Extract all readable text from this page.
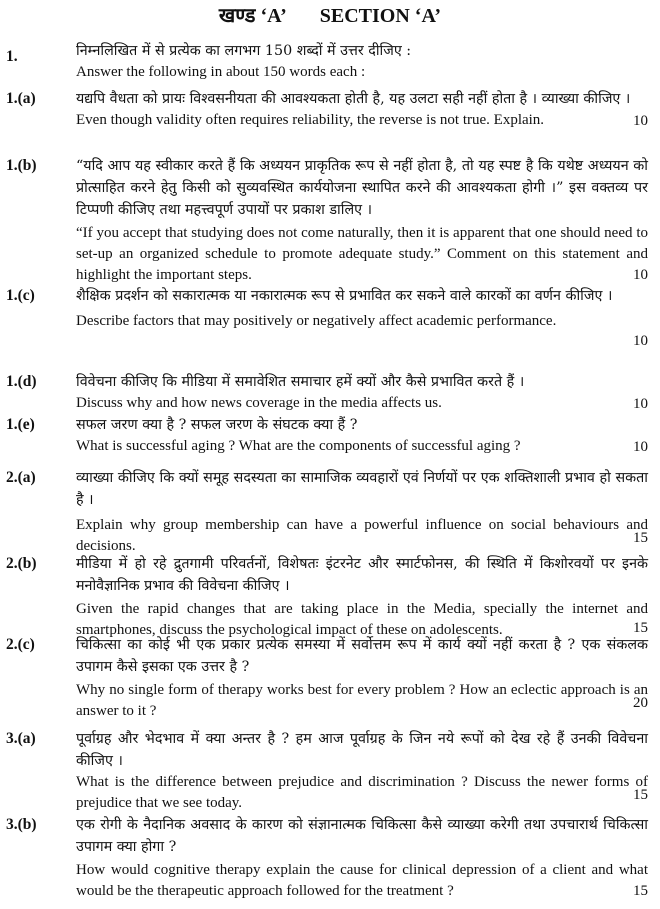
खण्ड ‘A’ SECTION ‘A’
1.	निम्नलिखित में से प्रत्येक का लगभग 150 शब्दों में उत्तर दीजिए :
Answer the following in about 150 words each :
1.(a)	यद्यपि वैधता को प्रायः विश्वसनीयता की आवश्यकता होती है, यह उलटा सही नहीं होता है । व्याख्या कीजिए ।
Even though validity often requires reliability, the reverse is not true. Explain.	10
1.(b)	“यदि आप यह स्वीकार करते हैं कि अध्ययन प्राकृतिक रूप से नहीं होता है, तो यह स्पष्ट है कि यथेष्ट अध्ययन को प्रोत्साहित करने हेतु किसी को सुव्यवस्थित कार्ययोजना स्थापित करने की आवश्यकता होगी ।” इस वक्तव्य पर टिप्पणी कीजिए तथा महत्त्वपूर्ण उपायों पर प्रकाश डालिए ।
“If you accept that studying does not come naturally, then it is apparent that one should need to set-up an organized schedule to promote adequate study.” Comment on this statement and highlight the important steps.	10
1.(c)	शैक्षिक प्रदर्शन को सकारात्मक या नकारात्मक रूप से प्रभावित कर सकने वाले कारकों का वर्णन कीजिए ।
Describe factors that may positively or negatively affect academic performance.
10
1.(d)	विवेचना कीजिए कि मीडिया में समावेशित समाचार हमें क्यों और कैसे प्रभावित करते हैं ।
Discuss why and how news coverage in the media affects us.	10
1.(e)	सफल जरण क्या है ? सफल जरण के संघटक क्या हैं ?
What is successful aging ? What are the components of successful aging ?	10
2.(a)	व्याख्या कीजिए कि क्यों समूह सदस्यता का सामाजिक व्यवहारों एवं निर्णयों पर एक शक्तिशाली प्रभाव हो सकता है ।
Explain why group membership can have a powerful influence on social behaviours and decisions.	15
2.(b)	मीडिया में हो रहे द्रुतगामी परिवर्तनों, विशेषतः इंटरनेट और स्मार्टफोनस, की स्थिति में किशोरवयों पर इनके मनोवैज्ञानिक प्रभाव की विवेचना कीजिए ।
Given the rapid changes that are taking place in the Media, specially the internet and smartphones, discuss the psychological impact of these on adolescents.	15
2.(c)	चिकित्सा का कोई भी एक प्रकार प्रत्येक समस्या में सर्वोत्तम रूप में कार्य क्यों नहीं करता है ? एक संकलक उपागम कैसे इसका एक उत्तर है ?
Why no single form of therapy works best for every problem ? How an eclectic approach is an answer to it ?	20
3.(a)	पूर्वाग्रह और भेदभाव में क्या अन्तर है ? हम आज पूर्वाग्रह के जिन नये रूपों को देख रहे हैं उनकी विवेचना कीजिए ।
What is the difference between prejudice and discrimination ? Discuss the newer forms of prejudice that we see today.	15
3.(b)	एक रोगी के नैदानिक अवसाद के कारण को संज्ञानात्मक चिकित्सा कैसे व्याख्या करेगी तथा उपचारार्थ चिकित्सा उपागम क्या होगा ?
How would cognitive therapy explain the cause for clinical depression of a client and what would be the therapeutic approach followed for the treatment ?	15
